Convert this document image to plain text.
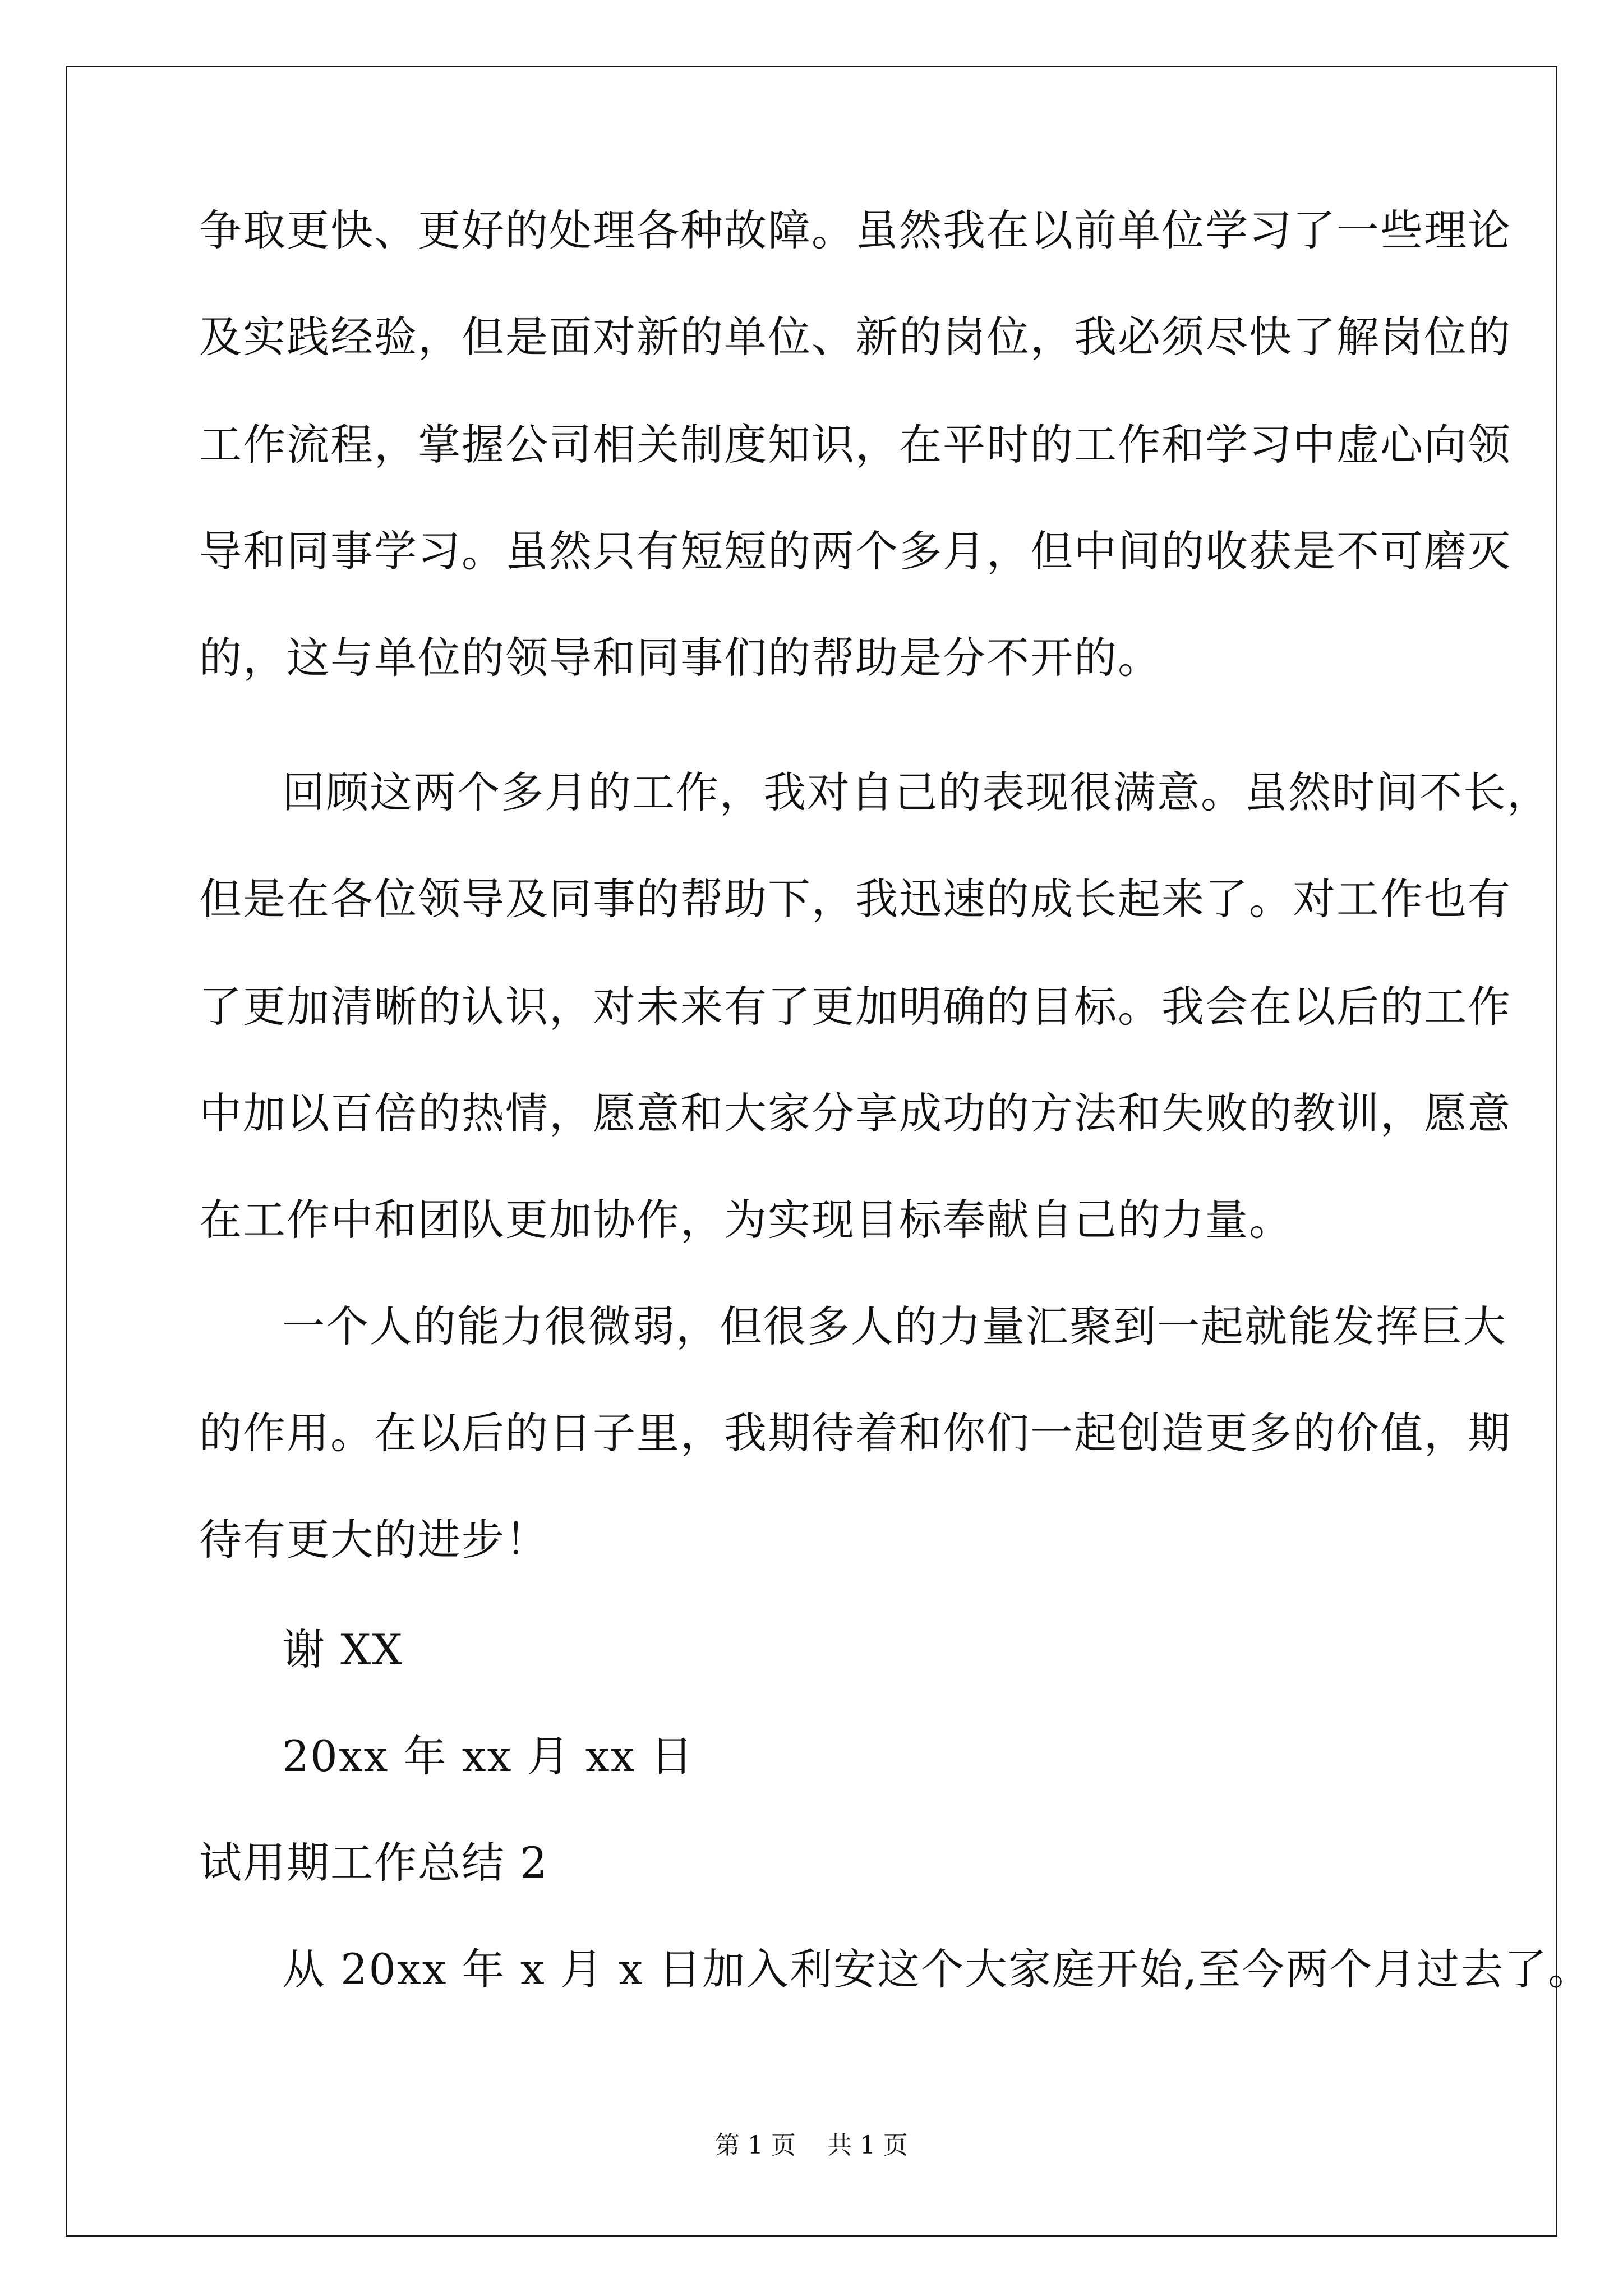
争取更快、更好的处理各种故障。虽然我在以前单位学习了一些理论

及实践经验，但是面对新的单位、新的岗位，我必须尽快了解岗位的

工作流程，掌握公司相关制度知识，在平时的工作和学习中虚心向领

导和同事学习。虽然只有短短的两个多月，但中间的收获是不可磨灭

的，这与单位的领导和同事们的帮助是分不开的。

回顾这两个多月的工作，我对自己的表现很满意。虽然时间不长，

但是在各位领导及同事的帮助下，我迅速的成长起来了。对工作也有

了更加清晰的认识，对未来有了更加明确的目标。我会在以后的工作

中加以百倍的热情，愿意和大家分享成功的方法和失败的教训，愿意

在工作中和团队更加协作，为实现目标奉献自己的力量。

一个人的能力很微弱，但很多人的力量汇聚到一起就能发挥巨大

的作用。在以后的日子里，我期待着和你们一起创造更多的价值，期

待有更大的进步！

谢 XX

20xx 年 xx 月 xx 日

试用期工作总结 2

从 20xx 年 x 月 x 日加入利安这个大家庭开始,至今两个月过去了。

第 1 页    共 1 页
